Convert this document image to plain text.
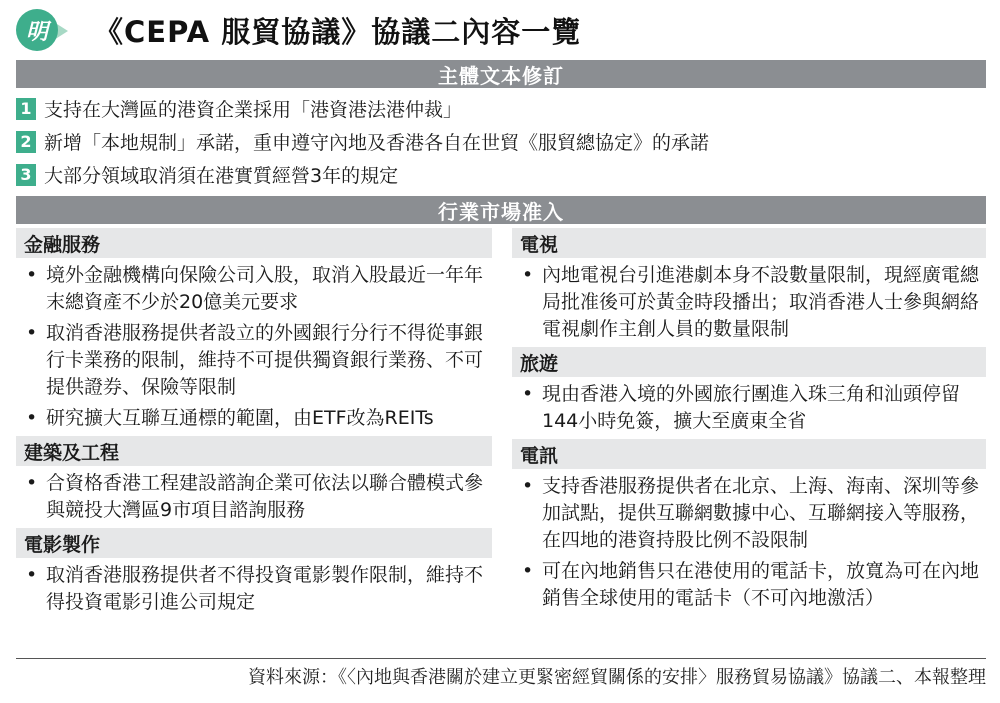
明	《CEPA 服貿協議》協議二內容一覽
主體文本修訂
1 支持在大灣區的港資企業採用「港資港法港仲裁」
2 新增「本地規制」承諾，重申遵守內地及香港各自在世貿《服貿總協定》的承諾
3 大部分領域取消須在港實質經營3年的規定
行業市場准入
金融服務
• 境外金融機構向保險公司入股，取消入股最近一年年末總資產不少於20億美元要求
• 取消香港服務提供者設立的外國銀行分行不得從事銀行卡業務的限制，維持不可提供獨資銀行業務、不可提供證券、保險等限制
• 研究擴大互聯互通標的範圍，由ETF改為REITs
建築及工程
• 合資格香港工程建設諮詢企業可依法以聯合體模式參與競投大灣區9市項目諮詢服務
電影製作
• 取消香港服務提供者不得投資電影製作限制，維持不得投資電影引進公司規定
電視
• 內地電視台引進港劇本身不設數量限制，現經廣電總局批准後可於黃金時段播出；取消香港人士參與網絡電視劇作主創人員的數量限制
旅遊
• 現由香港入境的外國旅行團進入珠三角和汕頭停留144小時免簽，擴大至廣東全省
電訊
• 支持香港服務提供者在北京、上海、海南、深圳等參加試點，提供互聯網數據中心、互聯網接入等服務，在四地的港資持股比例不設限制
• 可在內地銷售只在港使用的電話卡，放寬為可在內地銷售全球使用的電話卡（不可內地激活）
資料來源：《〈內地與香港關於建立更緊密經貿關係的安排〉服務貿易協議》協議二、本報整理
